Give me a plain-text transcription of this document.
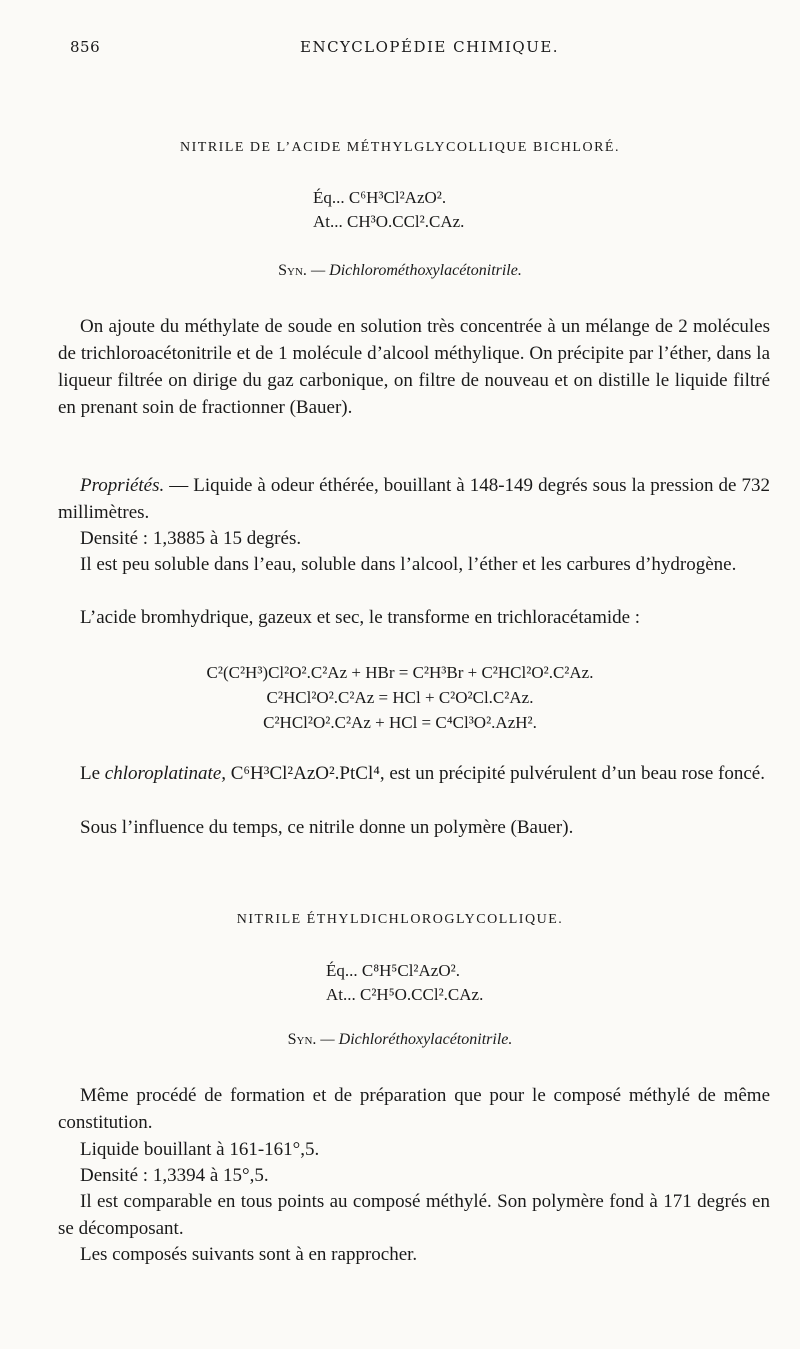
856	ENCYCLOPÉDIE CHIMIQUE.
NITRILE DE L’ACIDE MÉTHYLGLYCOLLIQUE BICHLORÉ.
Éq... C⁶H³Cl²AzO².
At... CH³O.CCl².CAz.
Syn. — Dichlorométhoxylacétonitrile.
On ajoute du méthylate de soude en solution très concentrée à un mélange de 2 molécules de trichloroacétonitrile et de 1 molécule d’alcool méthylique. On précipite par l’éther, dans la liqueur filtrée on dirige du gaz carbonique, on filtre de nouveau et on distille le liquide filtré en prenant soin de fractionner (Bauer).
Propriétés. — Liquide à odeur éthérée, bouillant à 148-149 degrés sous la pression de 732 millimètres.
Densité : 1,3885 à 15 degrés.
Il est peu soluble dans l’eau, soluble dans l’alcool, l’éther et les carbures d’hydrogène.
L’acide bromhydrique, gazeux et sec, le transforme en trichloracétamide :
C²(C²H³)Cl²O².C²Az + HBr = C²H³Br + C²HCl²O².C²Az.
C²HCl²O².C²Az = HCl + C²O²Cl.C²Az.
C²HCl²O².C²Az + HCl = C⁴Cl³O².AzH².
Le chloroplatinate, C⁶H³Cl²AzO².PtCl⁴, est un précipité pulvérulent d’un beau rose foncé.
Sous l’influence du temps, ce nitrile donne un polymère (Bauer).
NITRILE ÉTHYLDICHLOROGLYCOLLIQUE.
Éq... C⁸H⁵Cl²AzO².
At... C²H⁵O.CCl².CAz.
Syn. — Dichloréthoxylacétonitrile.
Même procédé de formation et de préparation que pour le composé méthylé de même constitution.
Liquide bouillant à 161-161°,5.
Densité : 1,3394 à 15°,5.
Il est comparable en tous points au composé méthylé. Son polymère fond à 171 degrés en se décomposant.
Les composés suivants sont à en rapprocher.
